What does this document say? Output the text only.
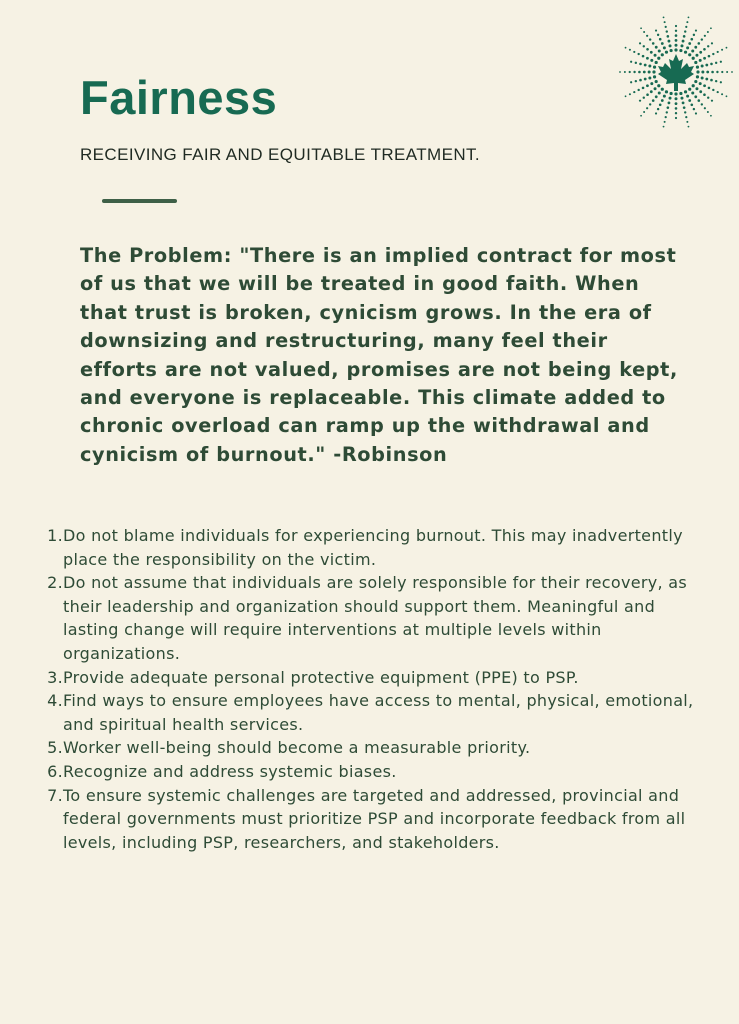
Fairness

RECEIVING FAIR AND EQUITABLE TREATMENT.

The Problem: "There is an implied contract for most of us that we will be treated in good faith. When that trust is broken, cynicism grows. In the era of downsizing and restructuring, many feel their efforts are not valued, promises are not being kept, and everyone is replaceable. This climate added to chronic overload can ramp up the withdrawal and cynicism of burnout." -Robinson

1. Do not blame individuals for experiencing burnout. This may inadvertently place the responsibility on the victim.
2. Do not assume that individuals are solely responsible for their recovery, as their leadership and organization should support them. Meaningful and lasting change will require interventions at multiple levels within organizations.
3. Provide adequate personal protective equipment (PPE) to PSP.
4. Find ways to ensure employees have access to mental, physical, emotional, and spiritual health services.
5. Worker well-being should become a measurable priority.
6. Recognize and address systemic biases.
7. To ensure systemic challenges are targeted and addressed, provincial and federal governments must prioritize PSP and incorporate feedback from all levels, including PSP, researchers, and stakeholders.
